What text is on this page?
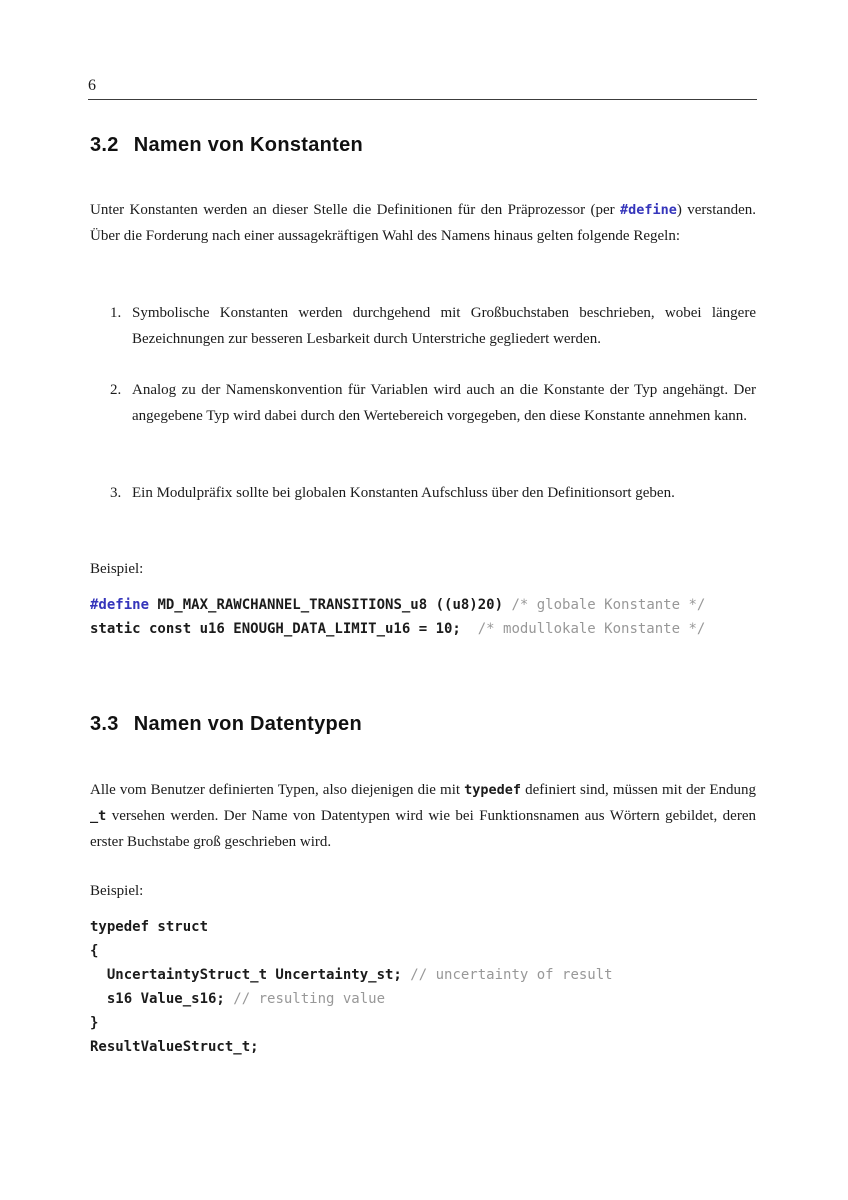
6
3.2 Namen von Konstanten

Unter Konstanten werden an dieser Stelle die Definitionen für den Präprozessor (per #define) verstanden. Über die Forderung nach einer aussagekräftigen Wahl des Namens hinaus gelten folgende Regeln:

1. Symbolische Konstanten werden durchgehend mit Großbuchstaben beschrieben, wobei längere Bezeichnungen zur besseren Lesbarkeit durch Unterstriche gegliedert werden.
2. Analog zu der Namenskonvention für Variablen wird auch an die Konstante der Typ angehängt. Der angegebene Typ wird dabei durch den Wertebereich vorgegeben, den diese Konstante annehmen kann.
3. Ein Modulpräfix sollte bei globalen Konstanten Aufschluss über den Definitionsort geben.

Beispiel:

#define MD_MAX_RAWCHANNEL_TRANSITIONS_u8 ((u8)20) /* globale Konstante */
static const u16 ENOUGH_DATA_LIMIT_u16 = 10;  /* modullokale Konstante */
3.3 Namen von Datentypen

Alle vom Benutzer definierten Typen, also diejenigen die mit typedef definiert sind, müssen mit der Endung _t versehen werden. Der Name von Datentypen wird wie bei Funktionsnamen aus Wörtern gebildet, deren erster Buchstabe groß geschrieben wird.

Beispiel:

typedef struct
{
UncertaintyStruct_t Uncertainty_st; // uncertainty of result
s16 Value_s16; // resulting value
}
ResultValueStruct_t;
